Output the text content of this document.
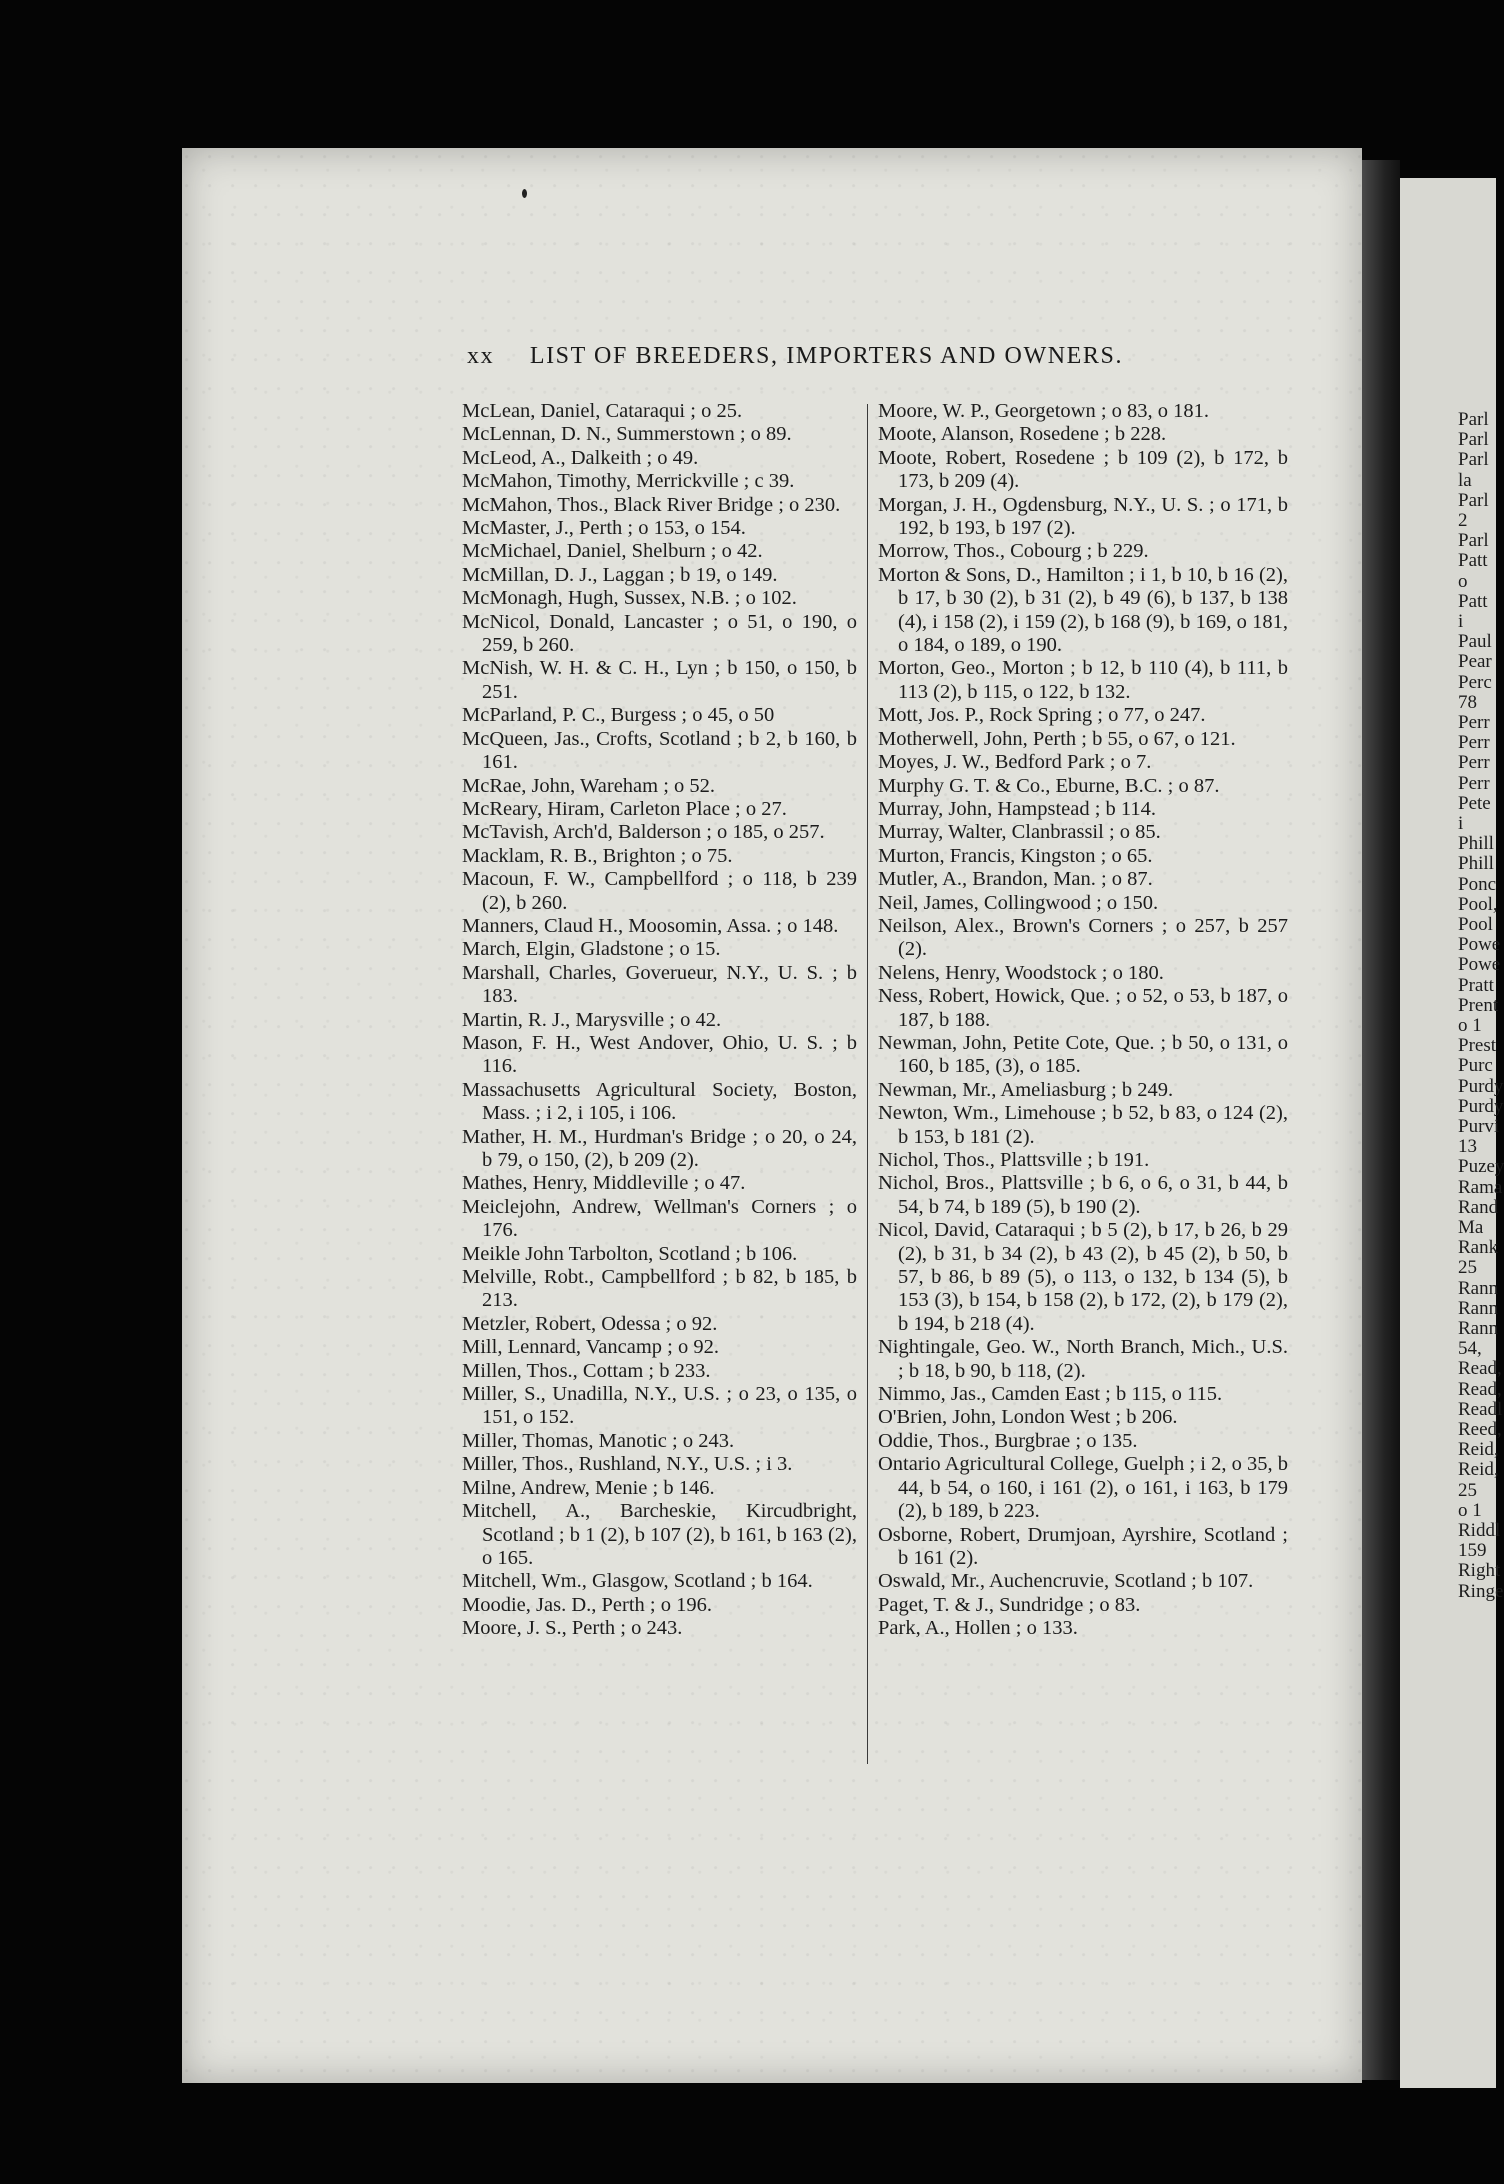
xx LIST OF BREEDERS, IMPORTERS AND OWNERS.
McLean, Daniel, Cataraqui ; o 25.
McLennan, D. N., Summerstown ; o 89.
McLeod, A., Dalkeith ; o 49.
McMahon, Timothy, Merrickville ; c 39.
McMahon, Thos., Black River Bridge ; o 230.
McMaster, J., Perth ; o 153, o 154.
McMichael, Daniel, Shelburn ; o 42.
McMillan, D. J., Laggan ; b 19, o 149.
McMonagh, Hugh, Sussex, N.B. ; o 102.
McNicol, Donald, Lancaster ; o 51, o 190, o 259, b 260.
McNish, W. H. & C. H., Lyn ; b 150, o 150, b 251.
McParland, P. C., Burgess ; o 45, o 50
McQueen, Jas., Crofts, Scotland ; b 2, b 160, b 161.
McRae, John, Wareham ; o 52.
McReary, Hiram, Carleton Place ; o 27.
McTavish, Arch'd, Balderson ; o 185, o 257.
Macklam, R. B., Brighton ; o 75.
Macoun, F. W., Campbellford ; o 118, b 239 (2), b 260.
Manners, Claud H., Moosomin, Assa. ; o 148.
March, Elgin, Gladstone ; o 15.
Marshall, Charles, Goverueur, N.Y., U. S. ; b 183.
Martin, R. J., Marysville ; o 42.
Mason, F. H., West Andover, Ohio, U. S. ; b 116.
Massachusetts Agricultural Society, Boston, Mass. ; i 2, i 105, i 106.
Mather, H. M., Hurdman's Bridge ; o 20, o 24, b 79, o 150, (2), b 209 (2).
Mathes, Henry, Middleville ; o 47.
Meiclejohn, Andrew, Wellman's Corners ; o 176.
Meikle John Tarbolton, Scotland ; b 106.
Melville, Robt., Campbellford ; b 82, b 185, b 213.
Metzler, Robert, Odessa ; o 92.
Mill, Lennard, Vancamp ; o 92.
Millen, Thos., Cottam ; b 233.
Miller, S., Unadilla, N.Y., U.S. ; o 23, o 135, o 151, o 152.
Miller, Thomas, Manotic ; o 243.
Miller, Thos., Rushland, N.Y., U.S. ; i 3.
Milne, Andrew, Menie ; b 146.
Mitchell, A., Barcheskie, Kircudbright, Scotland ; b 1 (2), b 107 (2), b 161, b 163 (2), o 165.
Mitchell, Wm., Glasgow, Scotland ; b 164.
Moodie, Jas. D., Perth ; o 196.
Moore, J. S., Perth ; o 243.
Moore, W. P., Georgetown ; o 83, o 181.
Moote, Alanson, Rosedene ; b 228.
Moote, Robert, Rosedene ; b 109 (2), b 172, b 173, b 209 (4).
Morgan, J. H., Ogdensburg, N.Y., U. S. ; o 171, b 192, b 193, b 197 (2).
Morrow, Thos., Cobourg ; b 229.
Morton & Sons, D., Hamilton ; i 1, b 10, b 16 (2), b 17, b 30 (2), b 31 (2), b 49 (6), b 137, b 138 (4), i 158 (2), i 159 (2), b 168 (9), b 169, o 181, o 184, o 189, o 190.
Morton, Geo., Morton ; b 12, b 110 (4), b 111, b 113 (2), b 115, o 122, b 132.
Mott, Jos. P., Rock Spring ; o 77, o 247.
Motherwell, John, Perth ; b 55, o 67, o 121.
Moyes, J. W., Bedford Park ; o 7.
Murphy G. T. & Co., Eburne, B.C. ; o 87.
Murray, John, Hampstead ; b 114.
Murray, Walter, Clanbrassil ; o 85.
Murton, Francis, Kingston ; o 65.
Mutler, A., Brandon, Man. ; o 87.
Neil, James, Collingwood ; o 150.
Neilson, Alex., Brown's Corners ; o 257, b 257 (2).
Nelens, Henry, Woodstock ; o 180.
Ness, Robert, Howick, Que. ; o 52, o 53, b 187, o 187, b 188.
Newman, John, Petite Cote, Que. ; b 50, o 131, o 160, b 185, (3), o 185.
Newman, Mr., Ameliasburg ; b 249.
Newton, Wm., Limehouse ; b 52, b 83, o 124 (2), b 153, b 181 (2).
Nichol, Thos., Plattsville ; b 191.
Nichol, Bros., Plattsville ; b 6, o 6, o 31, b 44, b 54, b 74, b 189 (5), b 190 (2).
Nicol, David, Cataraqui ; b 5 (2), b 17, b 26, b 29 (2), b 31, b 34 (2), b 43 (2), b 45 (2), b 50, b 57, b 86, b 89 (5), o 113, o 132, b 134 (5), b 153 (3), b 154, b 158 (2), b 172, (2), b 179 (2), b 194, b 218 (4).
Nightingale, Geo. W., North Branch, Mich., U.S. ; b 18, b 90, b 118, (2).
Nimmo, Jas., Camden East ; b 115, o 115.
O'Brien, John, London West ; b 206.
Oddie, Thos., Burgbrae ; o 135.
Ontario Agricultural College, Guelph ; i 2, o 35, b 44, b 54, o 160, i 161 (2), o 161, i 163, b 179 (2), b 189, b 223.
Osborne, Robert, Drumjoan, Ayrshire, Scotland ; b 161 (2).
Oswald, Mr., Auchencruvie, Scotland ; b 107.
Paget, T. & J., Sundridge ; o 83.
Park, A., Hollen ; o 133.
Parl
Parl
Parl
la
Parl
2
Parl
Patt
o
Patt
i
Paul
Pear
Perc
78
Perr
Perr
Perr
Perr
Pete
i
Phill
Phill
Ponc
Pool,
Pool
Powe
Powe
Pratt
Prent
o 1
Prest
Purc
Purdy
Purdy
Purvi
13
Puzey
Rama
Rand
Ma
Rank
25
Rann
Rann
Rann
54,
Read,
Read,
Readl
Reed,
Reid,
Reid,
25
o 1
Riddl
159
Right
Ringe
